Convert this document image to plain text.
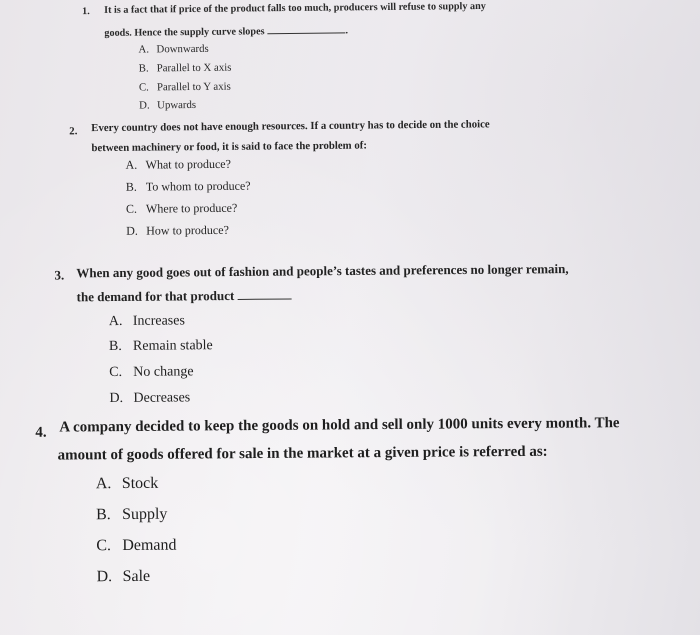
1. It is a fact that if price of the product falls too much, producers will refuse to supply any
goods. Hence the supply curve slopes	.
A. Downwards
B. Parallel to X axis
C. Parallel to Y axis
D. Upwards
2. Every country does not have enough resources. If a country has to decide on the choice
between machinery or food, it is said to face the problem of:
A. What to produce?
B. To whom to produce?
C. Where to produce?
D. How to produce?
3. When any good goes out of fashion and people’s tastes and preferences no longer remain,
the demand for that product
A. Increases
B. Remain stable
C. No change
D. Decreases
4. A company decided to keep the goods on hold and sell only 1000 units every month. The
amount of goods offered for sale in the market at a given price is referred as:
A. Stock
B. Supply
C. Demand
D. Sale
